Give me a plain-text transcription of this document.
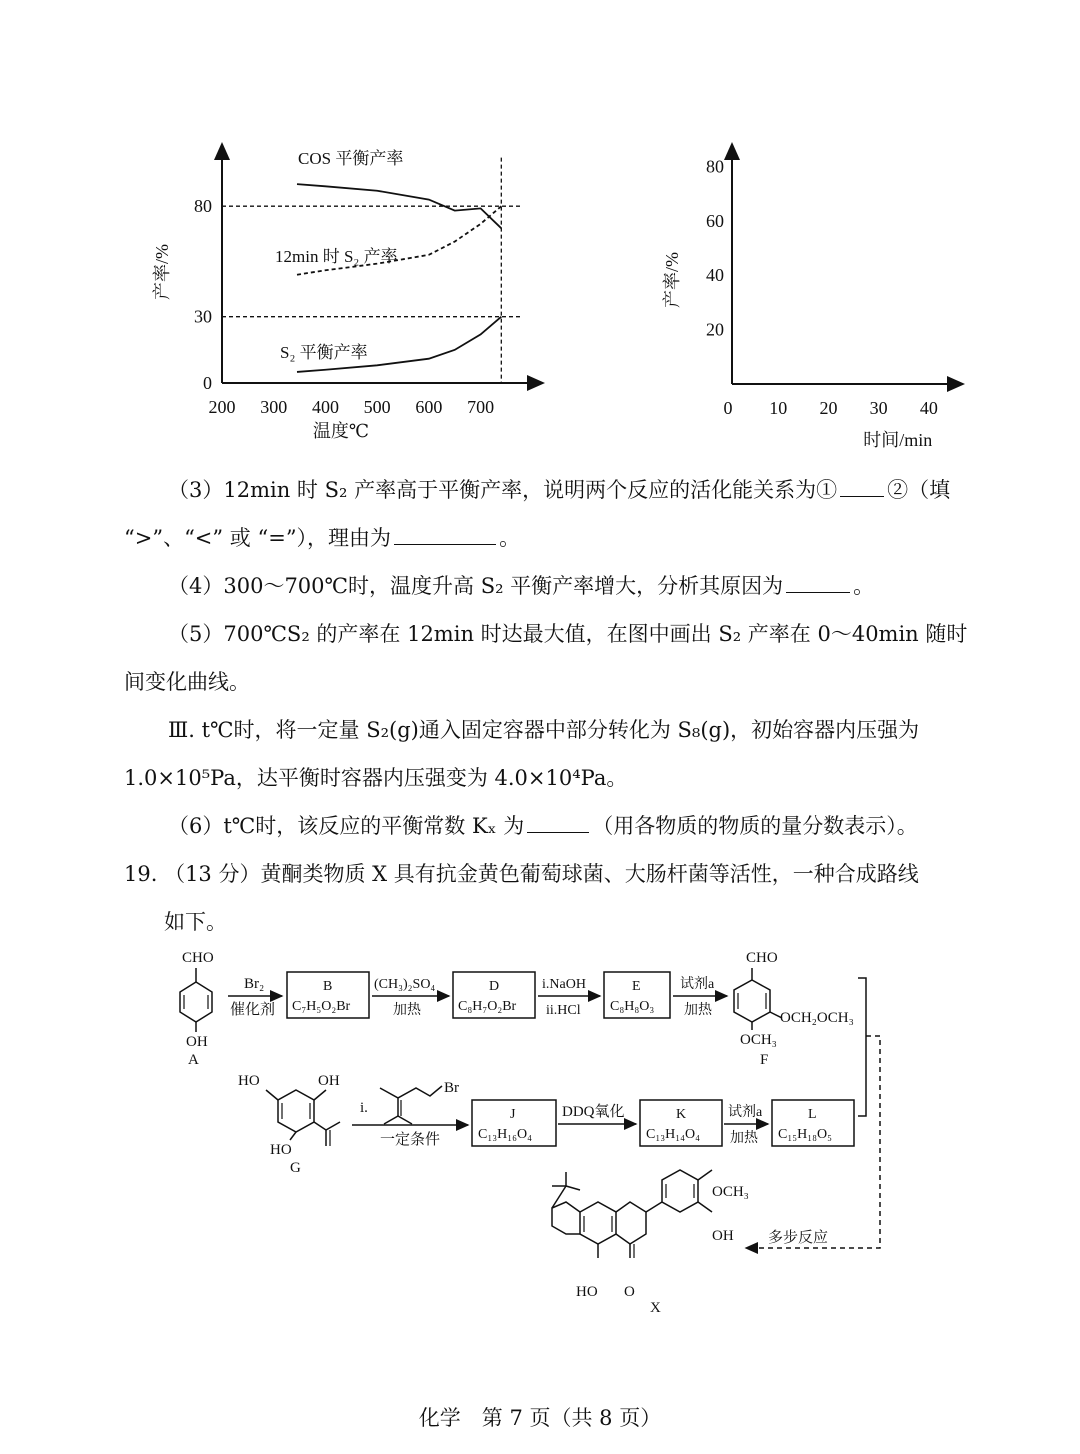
200 300 400 500 600 700
0
30
80
温度℃
产率/%
COS 平衡产率
12min 时 S₂ 产率
S₂ 平衡产率
0 10 20 30 40
20
40
60
80
时间/min
产率/%
（3）12min 时 S₂ 产率高于平衡产率，说明两个反应的活化能关系为① ②（填
“>”、“<” 或 “=”），理由为	。
（4）300～700℃时，温度升高 S₂ 平衡产率增大，分析其原因为	。
（5）700℃S₂ 的产率在 12min 时达最大值，在图中画出 S₂ 产率在 0～40min 随时
间变化曲线。
Ⅲ. t℃时，将一定量 S₂(g)通入固定容器中部分转化为 S₈(g)，初始容器内压强为
1.0×10⁵Pa，达平衡时容器内压强变为 4.0×10⁴Pa。
（6）t℃时，该反应的平衡常数 Kₓ 为	（用各物质的物质的量分数表示）。
19. （13 分）黄酮类物质 X 具有抗金黄色葡萄球菌、大肠杆菌等活性，一种合成路线
如下。
CHO
OH
A
Br₂
催化剂
B
C₇H₅O₂Br
(CH₃)₂SO₄
加热
D
C₈H₇O₂Br
i.NaOH
ii.HCl
E
C₈H₈O₃
试剂a
加热
CHO
OCH₂OCH₃
OCH₃
F
HO	OH
HO
G
Br
i.
一定条件
J
C₁₃H₁₆O₄
DDQ氧化	K
C₁₃H₁₄O₄
试剂a
加热
L
C₁₅H₁₈O₅
多步反应
OCH₃
OH
HO O
X
化学　第 7 页（共 8 页）
